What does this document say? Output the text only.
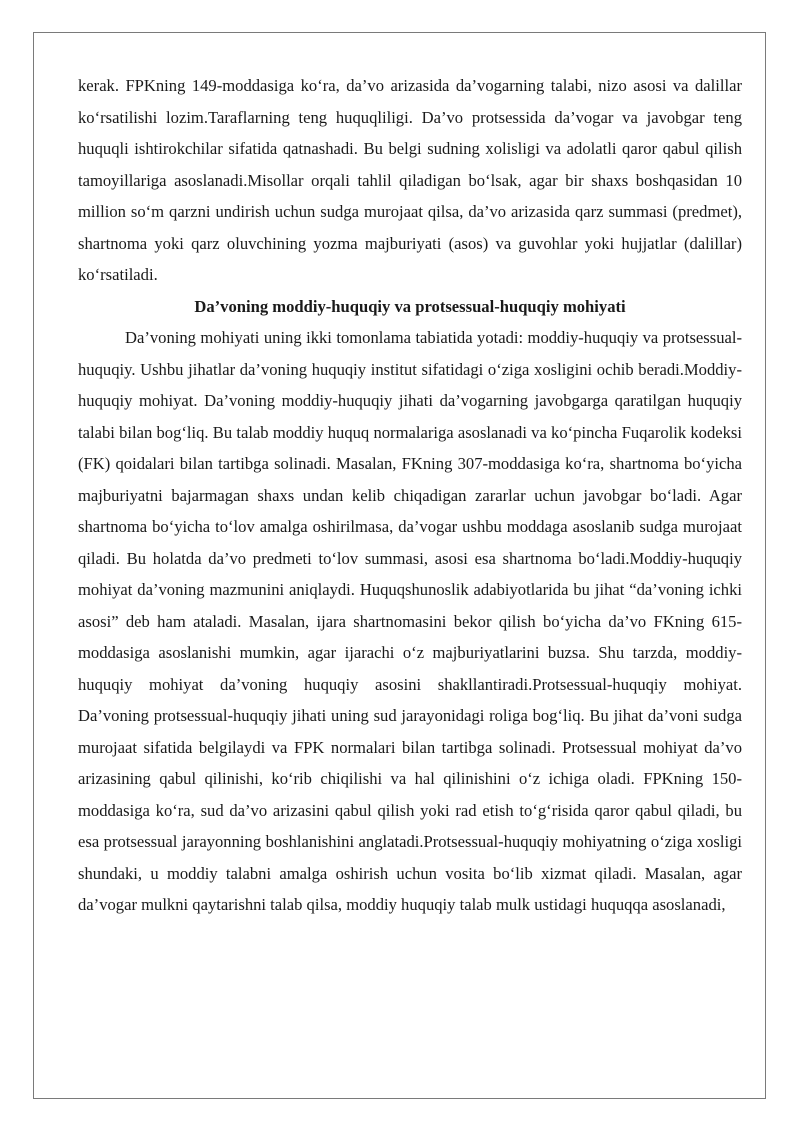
kerak. FPKning 149-moddasiga ko‘ra, da’vo arizasida da’vogarning talabi, nizo asosi va dalillar ko‘rsatilishi lozim.Taraflarning teng huquqliligi. Da’vo protsessida da’vogar va javobgar teng huquqli ishtirokchilar sifatida qatnashadi. Bu belgi sudning xolisligi va adolatli qaror qabul qilish tamoyillariga asoslanadi.Misollar orqali tahlil qiladigan bo‘lsak, agar bir shaxs boshqasidan 10 million so‘m qarzni undirish uchun sudga murojaat qilsa, da’vo arizasida qarz summasi (predmet), shartnoma yoki qarz oluvchining yozma majburiyati (asos) va guvohlar yoki hujjatlar (dalillar) ko‘rsatiladi.

Da’voning moddiy-huquqiy va protsessual-huquqiy mohiyati

Da’voning mohiyati uning ikki tomonlama tabiatida yotadi: moddiy-huquqiy va protsessual-huquqiy. Ushbu jihatlar da’voning huquqiy institut sifatidagi o‘ziga xosligini ochib beradi.Moddiy-huquqiy mohiyat. Da’voning moddiy-huquqiy jihati da’vogarning javobgarga qaratilgan huquqiy talabi bilan bog‘liq. Bu talab moddiy huquq normalariga asoslanadi va ko‘pincha Fuqarolik kodeksi (FK) qoidalari bilan tartibga solinadi. Masalan, FKning 307-moddasiga ko‘ra, shartnoma bo‘yicha majburiyatni bajarmagan shaxs undan kelib chiqadigan zararlar uchun javobgar bo‘ladi. Agar shartnoma bo‘yicha to‘lov amalga oshirilmasa, da’vogar ushbu moddaga asoslanib sudga murojaat qiladi. Bu holatda da’vo predmeti to‘lov summasi, asosi esa shartnoma bo‘ladi.Moddiy-huquqiy mohiyat da’voning mazmunini aniqlaydi. Huquqshunoslik adabiyotlarida bu jihat “da’voning ichki asosi” deb ham ataladi. Masalan, ijara shartnomasini bekor qilish bo‘yicha da’vo FKning 615-moddasiga asoslanishi mumkin, agar ijarachi o‘z majburiyatlarini buzsa. Shu tarzda, moddiy-huquqiy mohiyat da’voning huquqiy asosini shakllantiradi.Protsessual-huquqiy mohiyat. Da’voning protsessual-huquqiy jihati uning sud jarayonidagi roliga bog‘liq. Bu jihat da’voni sudga murojaat sifatida belgilaydi va FPK normalari bilan tartibga solinadi. Protsessual mohiyat da’vo arizasining qabul qilinishi, ko‘rib chiqilishi va hal qilinishini o‘z ichiga oladi. FPKning 150-moddasiga ko‘ra, sud da’vo arizasini qabul qilish yoki rad etish to‘g‘risida qaror qabul qiladi, bu esa protsessual jarayonning boshlanishini anglatadi.Protsessual-huquqiy mohiyatning o‘ziga xosligi shundaki, u moddiy talabni amalga oshirish uchun vosita bo‘lib xizmat qiladi. Masalan, agar da’vogar mulkni qaytarishni talab qilsa, moddiy huquqiy talab mulk ustidagi huquqqa asoslanadi,
